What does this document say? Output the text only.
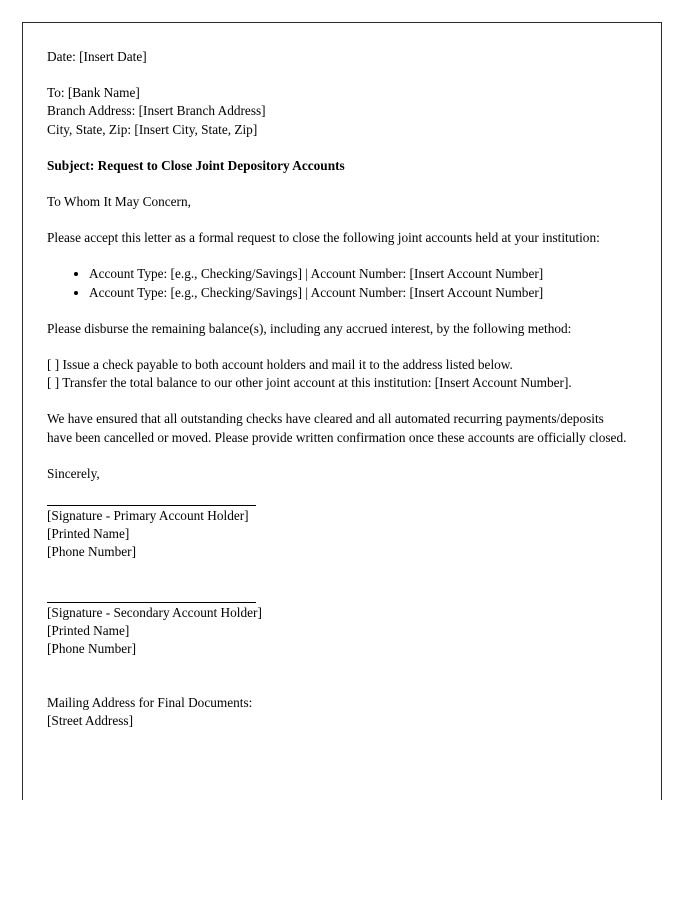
Date: [Insert Date]

To: [Bank Name]
Branch Address: [Insert Branch Address]
City, State, Zip: [Insert City, State, Zip]

Subject: Request to Close Joint Depository Accounts

To Whom It May Concern,

Please accept this letter as a formal request to close the following joint accounts held at your institution:

• Account Type: [e.g., Checking/Savings] | Account Number: [Insert Account Number]
• Account Type: [e.g., Checking/Savings] | Account Number: [Insert Account Number]

Please disburse the remaining balance(s), including any accrued interest, by the following method:

[ ] Issue a check payable to both account holders and mail it to the address listed below.
[ ] Transfer the total balance to our other joint account at this institution: [Insert Account Number].

We have ensured that all outstanding checks have cleared and all automated recurring payments/deposits have been cancelled or moved. Please provide written confirmation once these accounts are officially closed.

Sincerely,

[Signature - Primary Account Holder]
[Printed Name]
[Phone Number]
[Signature - Secondary Account Holder]
[Printed Name]
[Phone Number]
Mailing Address for Final Documents:
[Street Address]
